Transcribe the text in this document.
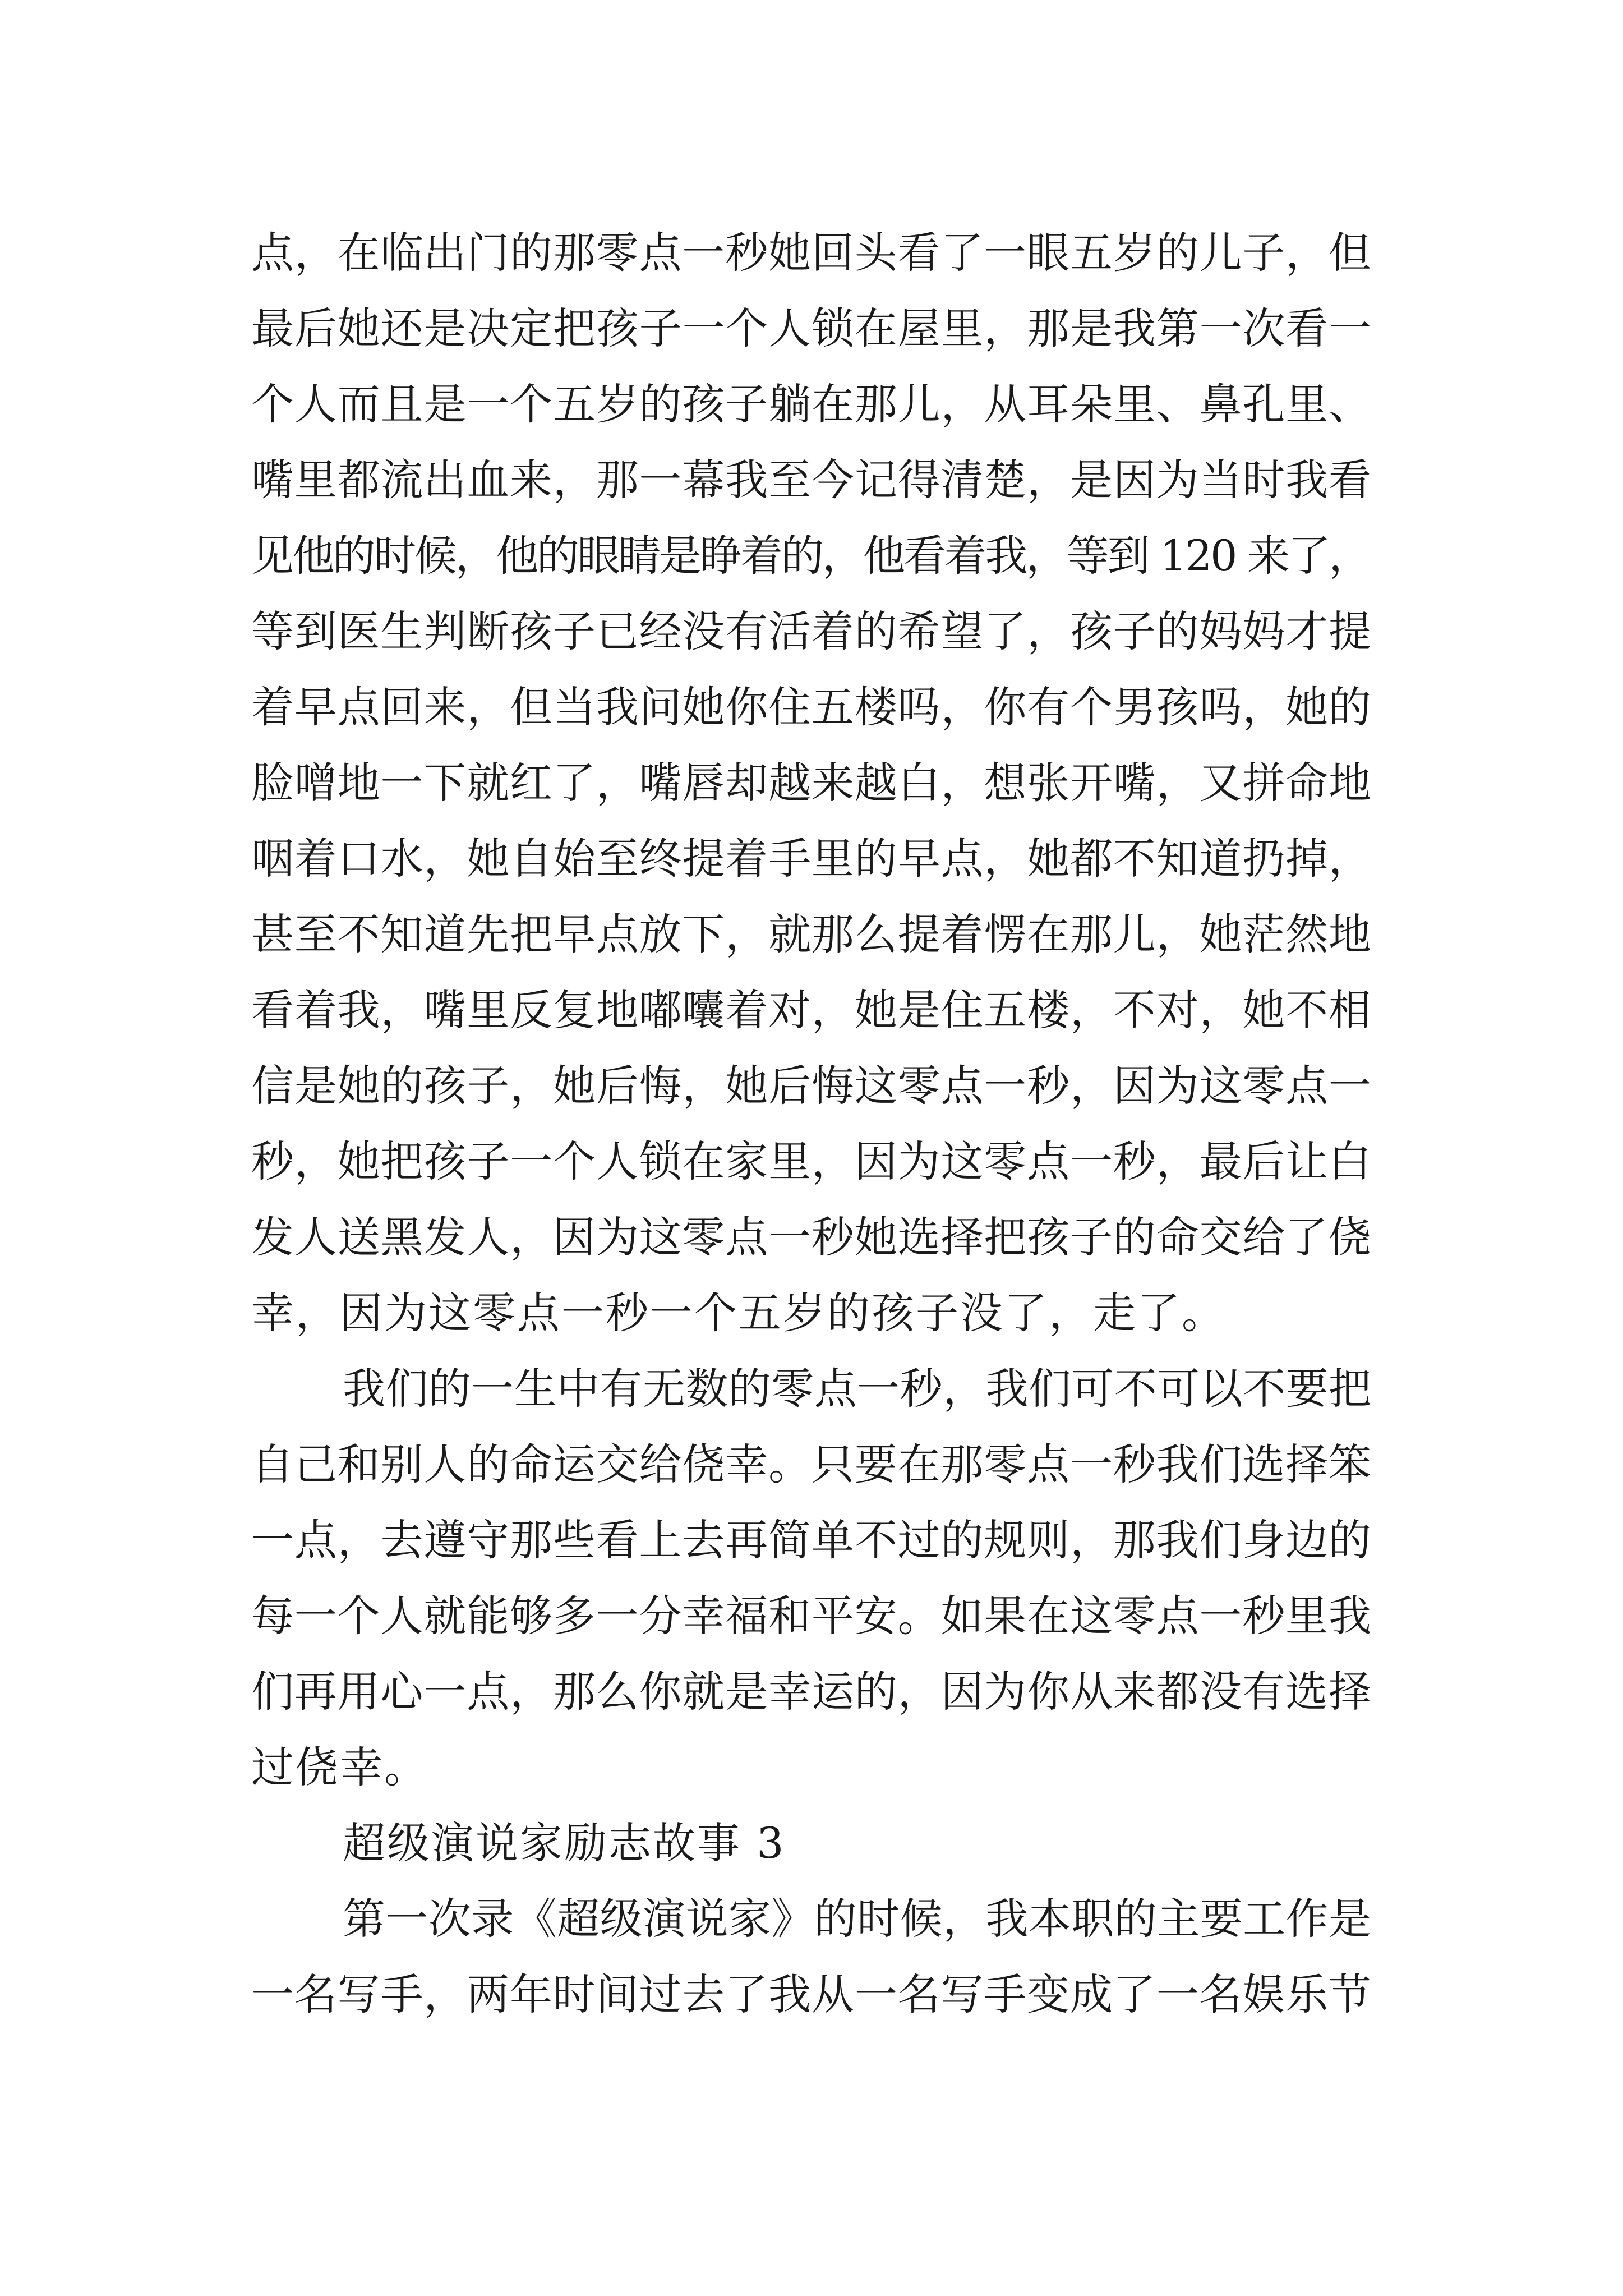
点，在临出门的那零点一秒她回头看了一眼五岁的儿子，但
最后她还是决定把孩子一个人锁在屋里，那是我第一次看一
个人而且是一个五岁的孩子躺在那儿，从耳朵里、鼻孔里、
嘴里都流出血来，那一幕我至今记得清楚，是因为当时我看
见他的时候，他的眼睛是睁着的，他看着我，等到 120 来了，
等到医生判断孩子已经没有活着的希望了，孩子的妈妈才提
着早点回来，但当我问她你住五楼吗，你有个男孩吗，她的
脸噌地一下就红了，嘴唇却越来越白，想张开嘴，又拼命地
咽着口水，她自始至终提着手里的早点，她都不知道扔掉，
甚至不知道先把早点放下，就那么提着愣在那儿，她茫然地
看着我，嘴里反复地嘟囔着对，她是住五楼，不对，她不相
信是她的孩子，她后悔，她后悔这零点一秒，因为这零点一
秒，她把孩子一个人锁在家里，因为这零点一秒，最后让白
发人送黑发人，因为这零点一秒她选择把孩子的命交给了侥
幸，因为这零点一秒一个五岁的孩子没了，走了。
我们的一生中有无数的零点一秒，我们可不可以不要把
自己和别人的命运交给侥幸。只要在那零点一秒我们选择笨
一点，去遵守那些看上去再简单不过的规则，那我们身边的
每一个人就能够多一分幸福和平安。如果在这零点一秒里我
们再用心一点，那么你就是幸运的，因为你从来都没有选择
过侥幸。
超级演说家励志故事 3
第一次录《超级演说家》的时候，我本职的主要工作是
一名写手，两年时间过去了我从一名写手变成了一名娱乐节
